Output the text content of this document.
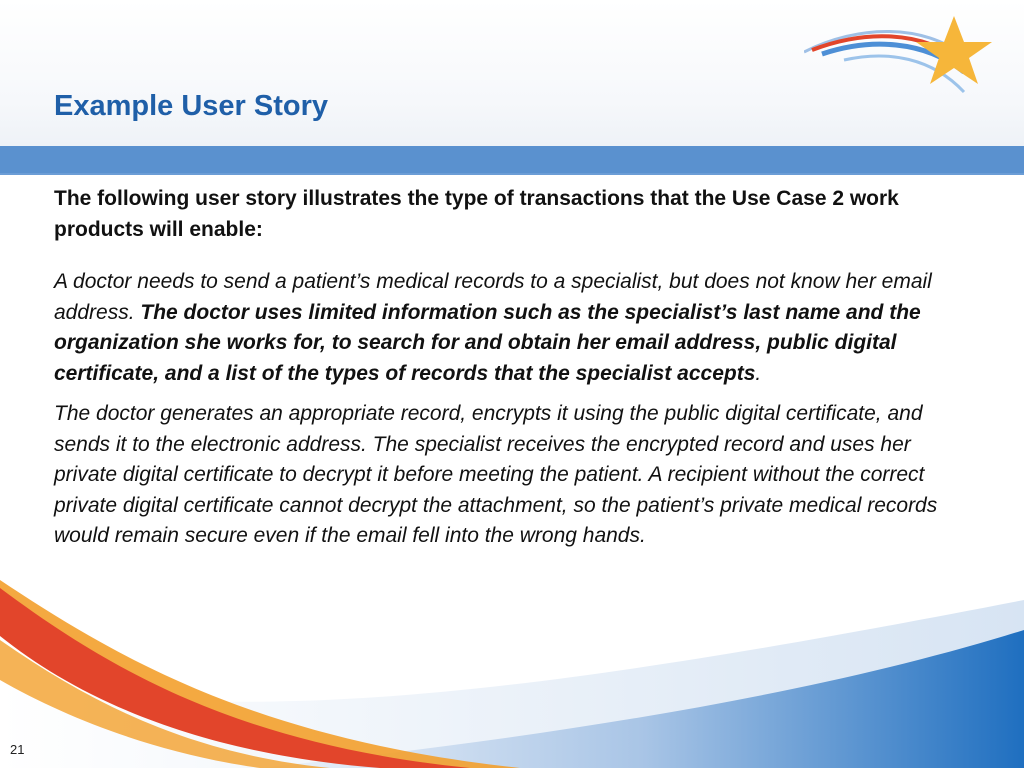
Example User Story

The following user story illustrates the type of transactions that the Use Case 2 work products will enable:

A doctor needs to send a patient’s medical records to a specialist, but does not know her email address. The doctor uses limited information such as the specialist’s last name and the organization she works for, to search for and obtain her email address, public digital certificate, and a list of the types of records that the specialist accepts.

The doctor generates an appropriate record, encrypts it using the public digital certificate, and sends it to the electronic address. The specialist receives the encrypted record and uses her private digital certificate to decrypt it before meeting the patient. A recipient without the correct private digital certificate cannot decrypt the attachment, so the patient’s private medical records would remain secure even if the email fell into the wrong hands.

21
